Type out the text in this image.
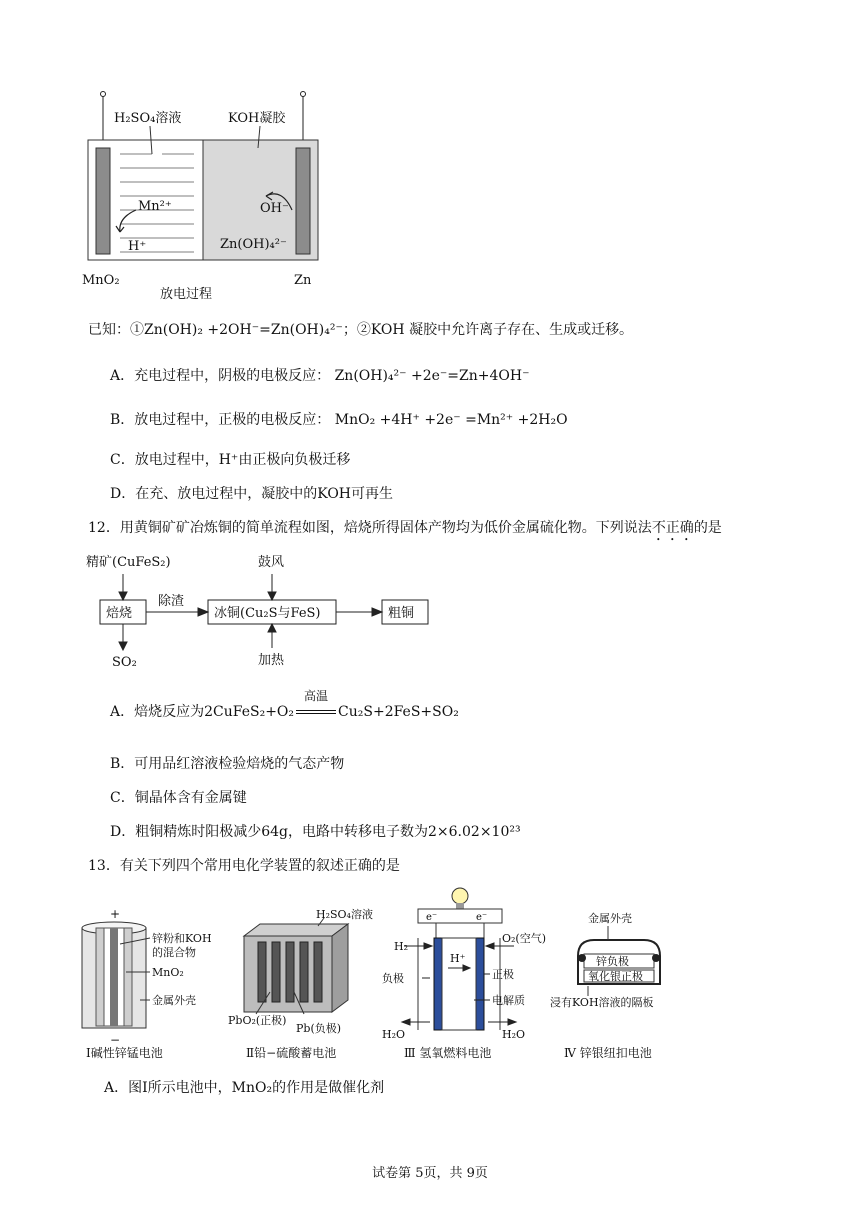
H₂SO₄溶液	KOH凝胶
Mn²⁺
H⁺
OH⁻
Zn(OH)₄²⁻
MnO₂	Zn
放电过程
已知：①Zn(OH)₂ +2OH⁻=Zn(OH)₄²⁻；②KOH 凝胶中允许离子存在、生成或迁移。
A．充电过程中，阴极的电极反应： Zn(OH)₄²⁻ +2e⁻=Zn+4OH⁻
B．放电过程中，正极的电极反应： MnO₂ +4H⁺ +2e⁻ =Mn²⁺ +2H₂O
C．放电过程中，H⁺由正极向负极迁移
D．在充、放电过程中，凝胶中的KOH可再生
12．用黄铜矿矿冶炼铜的简单流程如图，焙烧所得固体产物均为低价金属硫化物。下列说法不正确的是
精矿(CuFeS₂)
焙烧
除渣
冰铜(Cu₂S与FeS)
鼓风
加热
粗铜
SO₂
A．焙烧反应为2CuFeS₂+O₂
高温
Cu₂S+2FeS+SO₂
B．可用品红溶液检验焙烧的气态产物
C．铜晶体含有金属键
D．粗铜精炼时阳极减少64g，电路中转移电子数为2×6.02×10²³
13．有关下列四个常用电化学装置的叙述正确的是
+
−
锌粉和KOH
的混合物
MnO₂
金属外壳
Ⅰ碱性锌锰电池
H₂SO₄溶液
PbO₂(正极)
Pb(负极)
Ⅱ铅−硫酸蓄电池
e⁻	e⁻
H₂
O₂(空气)
H⁺
负极	正极
电解质
H₂O	H₂O
Ⅲ 氢氧燃料电池
金属外壳
锌负极
氧化银正极
浸有KOH溶液的隔板
Ⅳ 锌银纽扣电池
A．图Ⅰ所示电池中，MnO₂的作用是做催化剂
试卷第 5页，共 9页
